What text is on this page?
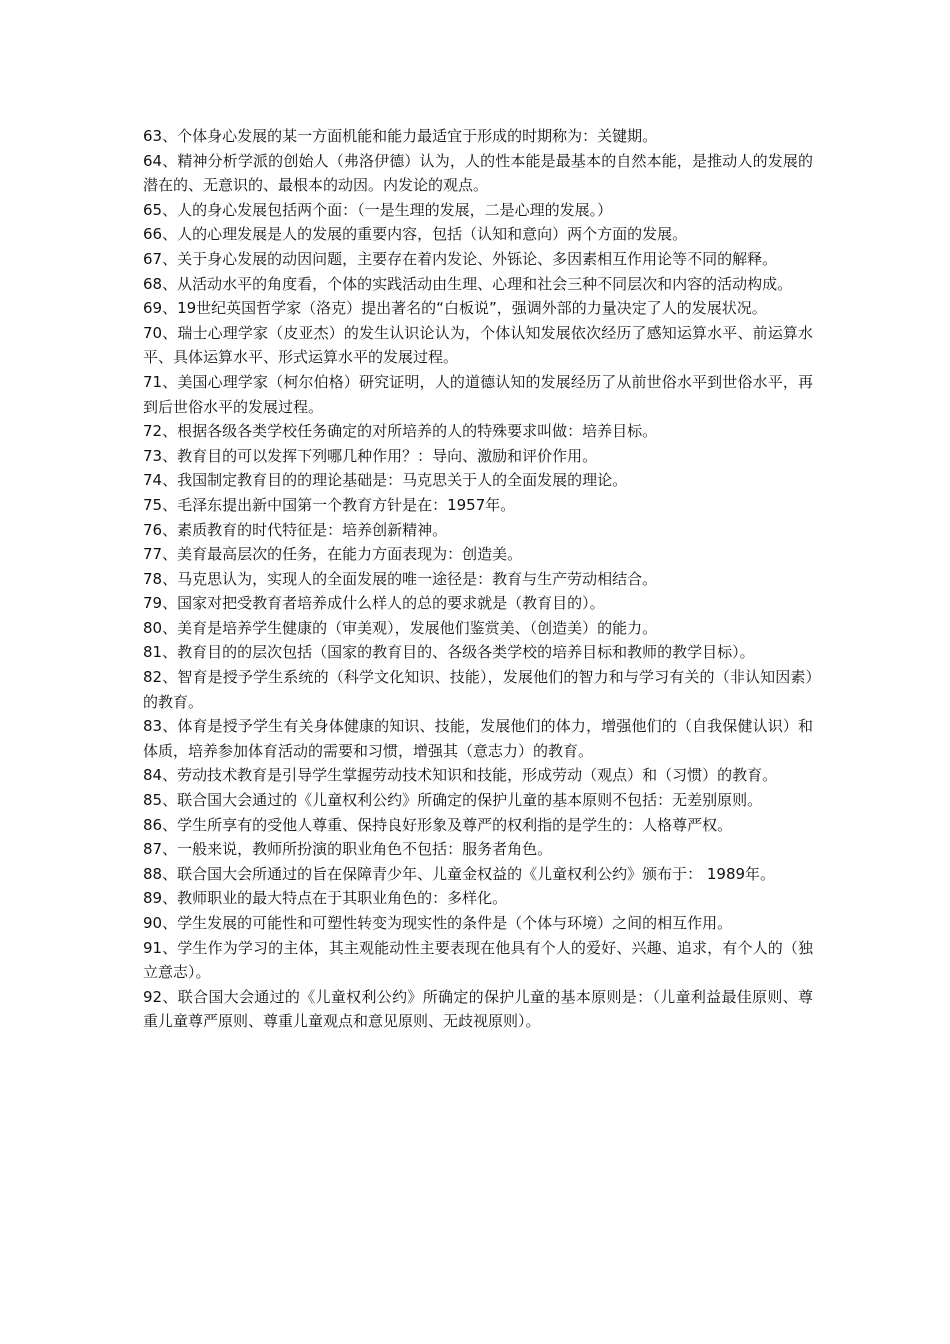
63、个体身心发展的某一方面机能和能力最适宜于形成的时期称为：关键期。

64、精神分析学派的创始人（弗洛伊德）认为，人的性本能是最基本的自然本能，是推动人的发展的潜在的、无意识的、最根本的动因。内发论的观点。

65、人的身心发展包括两个面：（一是生理的发展，二是心理的发展。）

66、人的心理发展是人的发展的重要内容，包括（认知和意向）两个方面的发展。

67、关于身心发展的动因问题，主要存在着内发论、外铄论、多因素相互作用论等不同的解释。

68、从活动水平的角度看，个体的实践活动由生理、心理和社会三种不同层次和内容的活动构成。

69、19世纪英国哲学家（洛克）提出著名的“白板说”，强调外部的力量决定了人的发展状况。

70、瑞士心理学家（皮亚杰）的发生认识论认为，个体认知发展依次经历了感知运算水平、前运算水平、具体运算水平、形式运算水平的发展过程。

71、美国心理学家（柯尔伯格）研究证明，人的道德认知的发展经历了从前世俗水平到世俗水平，再到后世俗水平的发展过程。

72、根据各级各类学校任务确定的对所培养的人的特殊要求叫做：培养目标。

73、教育目的可以发挥下列哪几种作用？：导向、激励和评价作用。

74、我国制定教育目的的理论基础是：马克思关于人的全面发展的理论。

75、毛泽东提出新中国第一个教育方针是在：1957年。

76、素质教育的时代特征是：培养创新精神。

77、美育最高层次的任务，在能力方面表现为：创造美。

78、马克思认为，实现人的全面发展的唯一途径是：教育与生产劳动相结合。

79、国家对把受教育者培养成什么样人的总的要求就是（教育目的）。

80、美育是培养学生健康的（审美观），发展他们鉴赏美、（创造美）的能力。

81、教育目的的层次包括（国家的教育目的、各级各类学校的培养目标和教师的教学目标）。

82、智育是授予学生系统的（科学文化知识、技能），发展他们的智力和与学习有关的（非认知因素）的教育。

83、体育是授予学生有关身体健康的知识、技能，发展他们的体力，增强他们的（自我保健认识）和体质，培养参加体育活动的需要和习惯，增强其（意志力）的教育。

84、劳动技术教育是引导学生掌握劳动技术知识和技能，形成劳动（观点）和（习惯）的教育。

85、联合国大会通过的《儿童权利公约》所确定的保护儿童的基本原则不包括：无差别原则。

86、学生所享有的受他人尊重、保持良好形象及尊严的权利指的是学生的：人格尊严权。

87、一般来说，教师所扮演的职业角色不包括：服务者角色。

88、联合国大会所通过的旨在保障青少年、儿童金权益的《儿童权利公约》颁布于： 1989年。

89、教师职业的最大特点在于其职业角色的：多样化。

90、学生发展的可能性和可塑性转变为现实性的条件是（个体与环境）之间的相互作用。

91、学生作为学习的主体，其主观能动性主要表现在他具有个人的爱好、兴趣、追求，有个人的（独立意志）。

92、联合国大会通过的《儿童权利公约》所确定的保护儿童的基本原则是：（儿童利益最佳原则、尊重儿童尊严原则、尊重儿童观点和意见原则、无歧视原则）。
